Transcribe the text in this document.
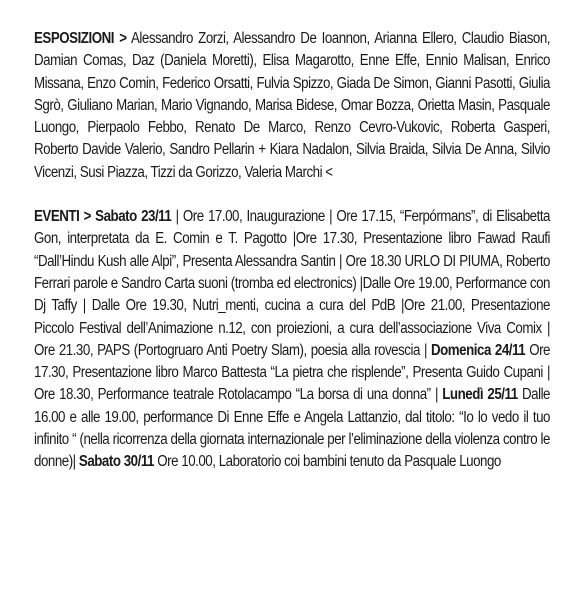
ESPOSIZIONI > Alessandro Zorzi, Alessandro De Ioannon, Arianna Ellero, Claudio Biason, Damian Comas, Daz (Daniela Moretti), Elisa Magarotto, Enne Effe, Ennio Malisan, Enrico Missana, Enzo Comin, Federico Orsatti, Fulvia Spizzo, Giada De Simon, Gianni Pasotti, Giulia Sgrò, Giuliano Marian, Mario Vignando, Marisa Bidese, Omar Bozza, Orietta Masin, Pasquale Luongo, Pierpaolo Febbo, Renato De Marco, Renzo Cevro-Vukovic, Roberta Gasperi, Roberto Davide Valerio, Sandro Pellarin + Kiara Nadalon, Silvia Braida, Silvia De Anna, Silvio Vicenzi, Susi Piazza, Tizzi da Gorizzo, Valeria Marchi <

EVENTI > Sabato 23/11 | Ore 17.00, Inaugurazione | Ore 17.15, “Ferpórmans”, di Elisabetta Gon, interpretata da E. Comin e T. Pagotto |Ore 17.30, Presentazione libro Fawad Raufi “Dall’Hindu Kush alle Alpi”, Presenta Alessandra Santin | Ore 18.30 URLO DI PIUMA, Roberto Ferrari parole e Sandro Carta suoni (tromba ed electronics) |Dalle Ore 19.00, Performance con Dj Taffy | Dalle Ore 19.30, Nutri_menti, cucina a cura del PdB |Ore 21.00, Presentazione Piccolo Festival dell’Animazione n.12, con proiezioni, a cura dell’associazione Viva Comix | Ore 21.30, PAPS (Portogruaro Anti Poetry Slam), poesia alla rovescia | Domenica 24/11 Ore 17.30, Presentazione libro Marco Battesta “La pietra che risplende”, Presenta Guido Cupani | Ore 18.30, Performance teatrale Rotolacampo “La borsa di una donna” | Lunedì 25/11 Dalle 16.00 e alle 19.00, performance Di Enne Effe e Angela Lattanzio, dal titolo: “Io lo vedo il tuo infinito “ (nella ricorrenza della giornata internazionale per l’eliminazione della violenza contro le donne)| Sabato 30/11 Ore 10.00, Laboratorio coi bambini tenuto da Pasquale Luongo
